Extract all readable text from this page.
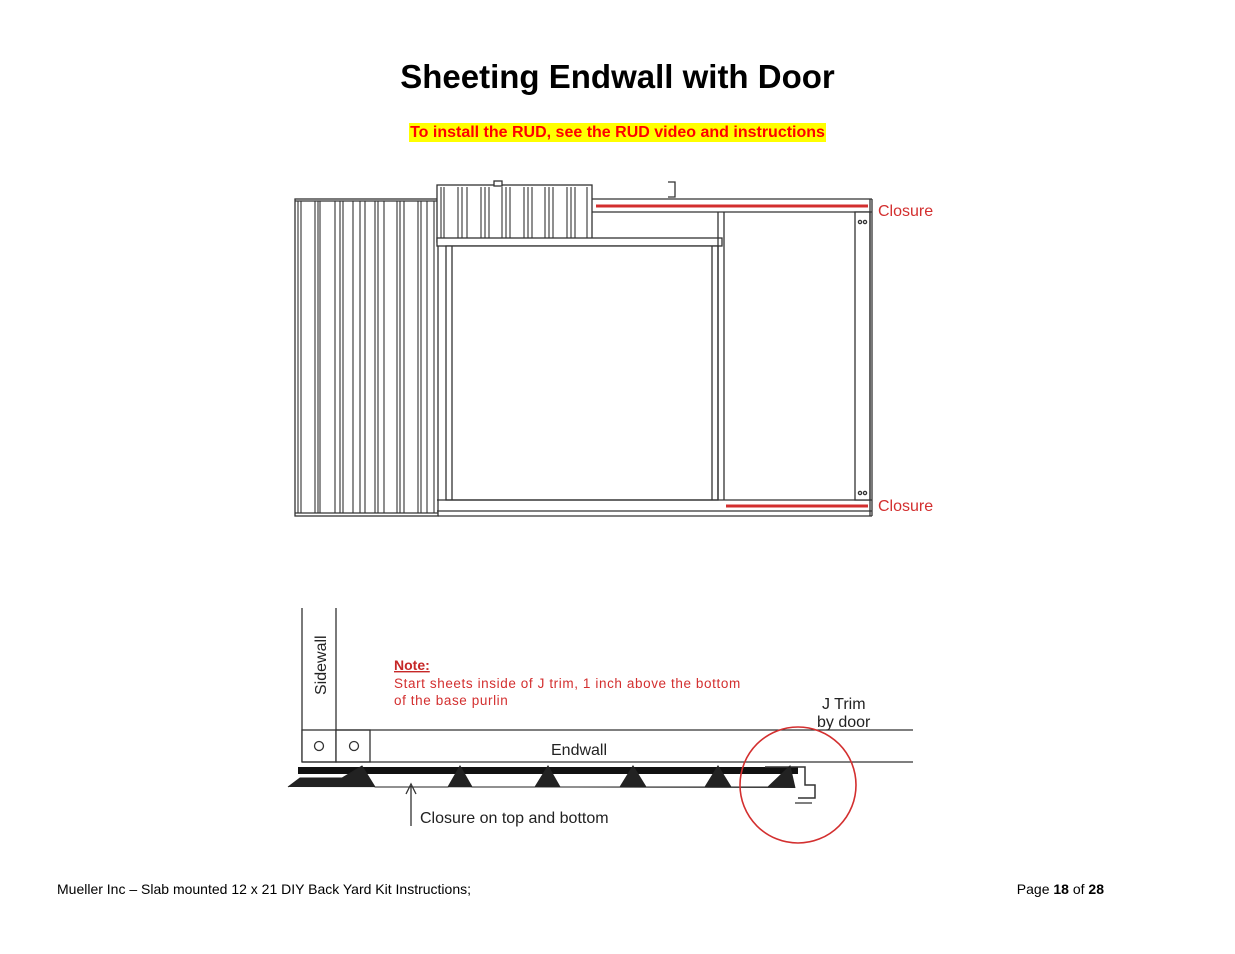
Sheeting Endwall with Door
To install the RUD, see the RUD video and instructions
Closure
Closure
Sidewall
Endwall
Note:
Start sheets inside of J trim, 1 inch above the bottom
of the base purlin	J Trim
by door
Closure on top and bottom
Mueller Inc – Slab mounted 12 x 21 DIY Back Yard Kit Instructions;	Page 18 of 28
